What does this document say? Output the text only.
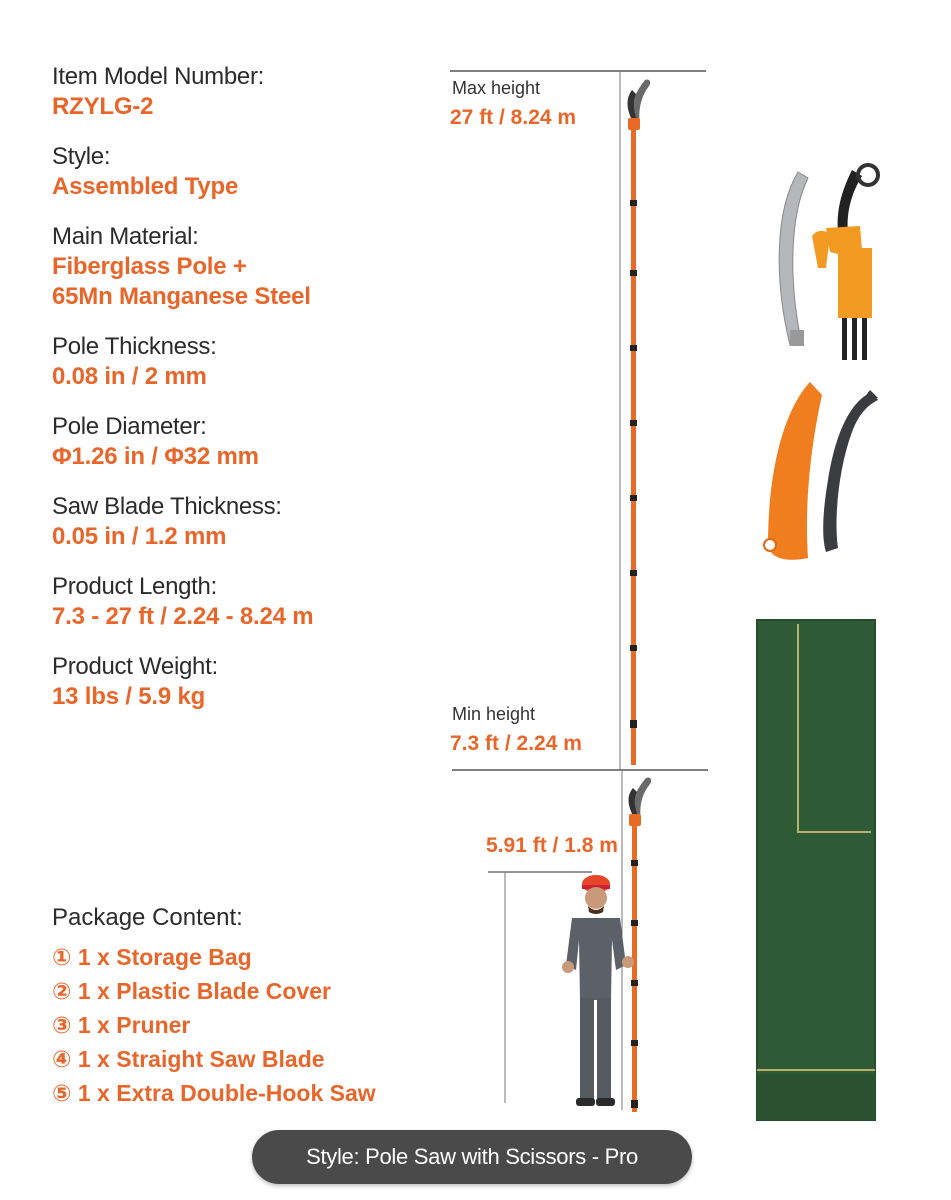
Item Model Number:
RZYLG-2
Style:
Assembled Type
Main Material:
Fiberglass Pole +
65Mn Manganese Steel
Pole Thickness:
0.08 in / 2 mm
Pole Diameter:
Φ1.26 in / Φ32 mm
Saw Blade Thickness:
0.05 in / 1.2 mm
Product Length:
7.3 - 27 ft / 2.24 - 8.24 m
Product Weight:
13 lbs / 5.9 kg
Package Content:
① 1 x Storage Bag
② 1 x Plastic Blade Cover
③ 1 x Pruner
④ 1 x Straight Saw Blade
⑤ 1 x Extra Double-Hook Saw
Max height
27 ft / 8.24 m
Min height
7.3 ft / 2.24 m
5.91 ft / 1.8 m
Style: Pole Saw with Scissors - Pro
